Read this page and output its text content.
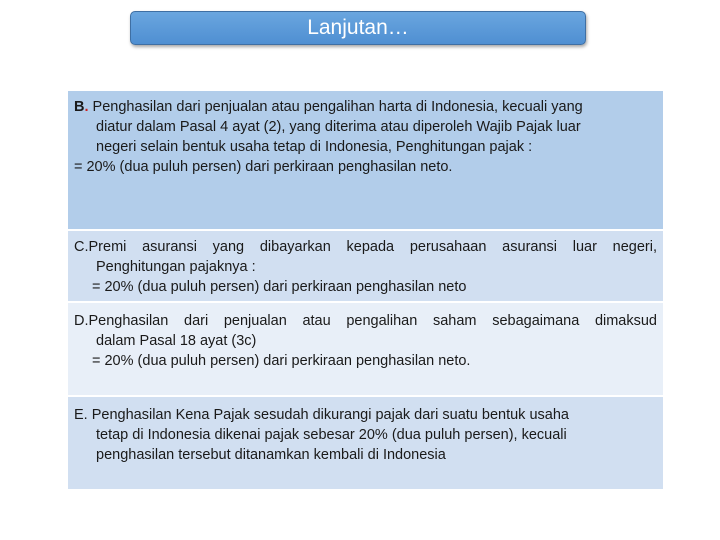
Lanjutan…
B. Penghasilan dari penjualan atau pengalihan harta di Indonesia, kecuali yang
diatur dalam Pasal 4 ayat (2), yang diterima atau diperoleh Wajib Pajak luar
negeri selain bentuk usaha tetap di Indonesia, Penghitungan pajak :
= 20% (dua puluh persen) dari perkiraan penghasilan neto.
C.Premi asuransi yang dibayarkan kepada perusahaan asuransi luar negeri,
Penghitungan pajaknya :
= 20% (dua puluh persen) dari perkiraan penghasilan neto
D.Penghasilan dari penjualan atau pengalihan saham sebagaimana dimaksud
dalam Pasal 18 ayat (3c)
= 20% (dua puluh persen) dari perkiraan penghasilan neto.
E. Penghasilan Kena Pajak sesudah dikurangi pajak dari suatu bentuk usaha
tetap di Indonesia dikenai pajak sebesar 20% (dua puluh persen), kecuali
penghasilan tersebut ditanamkan kembali di Indonesia
